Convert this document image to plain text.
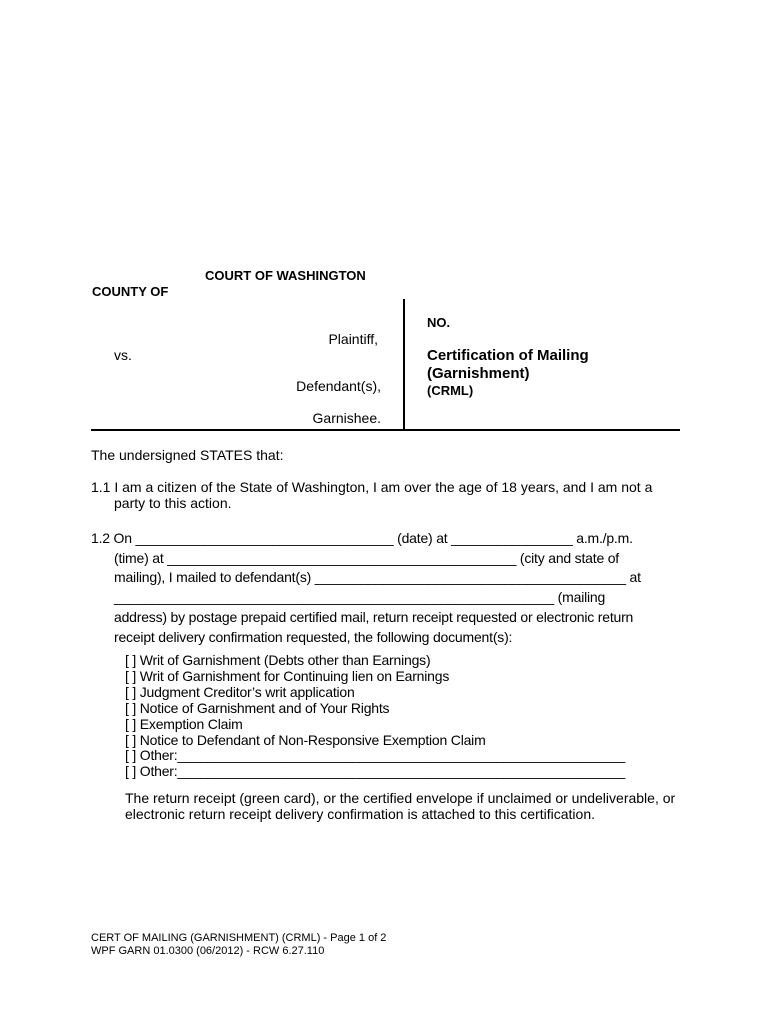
COURT OF WASHINGTON
COUNTY OF
Plaintiff,
vs.
Defendant(s),
Garnishee.
NO.
Certification of Mailing
(Garnishment)
(CRML)
The undersigned STATES that:
1.1 I am a citizen of the State of Washington, I am over the age of 18 years, and I am not a
party to this action.
1.2 On __________________________________ (date) at ________________ a.m./p.m.
(time) at ______________________________________________ (city and state of
mailing), I mailed to defendant(s) _________________________________________ at
__________________________________________________________ (mailing
address) by postage prepaid certified mail, return receipt requested or electronic return
receipt delivery confirmation requested, the following document(s):
[ ] Writ of Garnishment (Debts other than Earnings)
[ ] Writ of Garnishment for Continuing lien on Earnings
[ ] Judgment Creditor’s writ application
[ ] Notice of Garnishment and of Your Rights
[ ] Exemption Claim
[ ] Notice to Defendant of Non-Responsive Exemption Claim
[ ] Other:___________________________________________________________
[ ] Other:___________________________________________________________
The return receipt (green card), or the certified envelope if unclaimed or undeliverable, or
electronic return receipt delivery confirmation is attached to this certification.
CERT OF MAILING (GARNISHMENT) (CRML) - Page 1 of 2
WPF GARN 01.0300 (06/2012) - RCW 6.27.110
